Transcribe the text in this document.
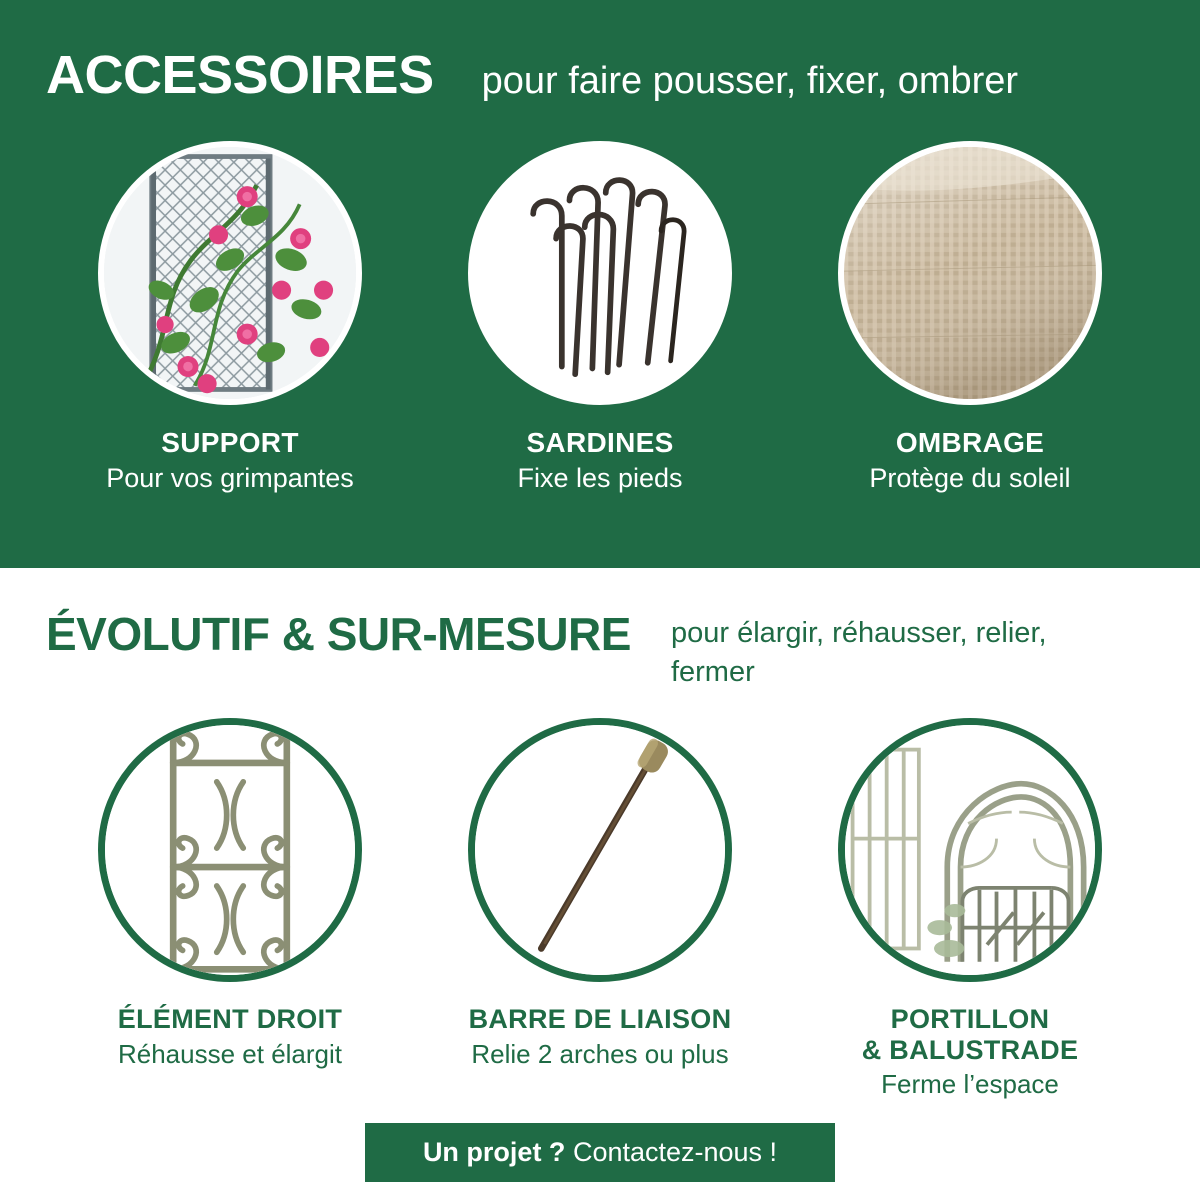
ACCESSOIRES pour faire pousser, fixer, ombrer
SUPPORT
Pour vos grimpantes
SARDINES
Fixe les pieds
OMBRAGE
Protège du soleil
ÉVOLUTIF & SUR-MESURE pour élargir, réhausser, relier, fermer
ÉLÉMENT DROIT
Réhausse et élargit
BARRE DE LIAISON
Relie 2 arches ou plus
PORTILLON
& BALUSTRADE
Ferme l’espace
Un projet ? Contactez-nous !
